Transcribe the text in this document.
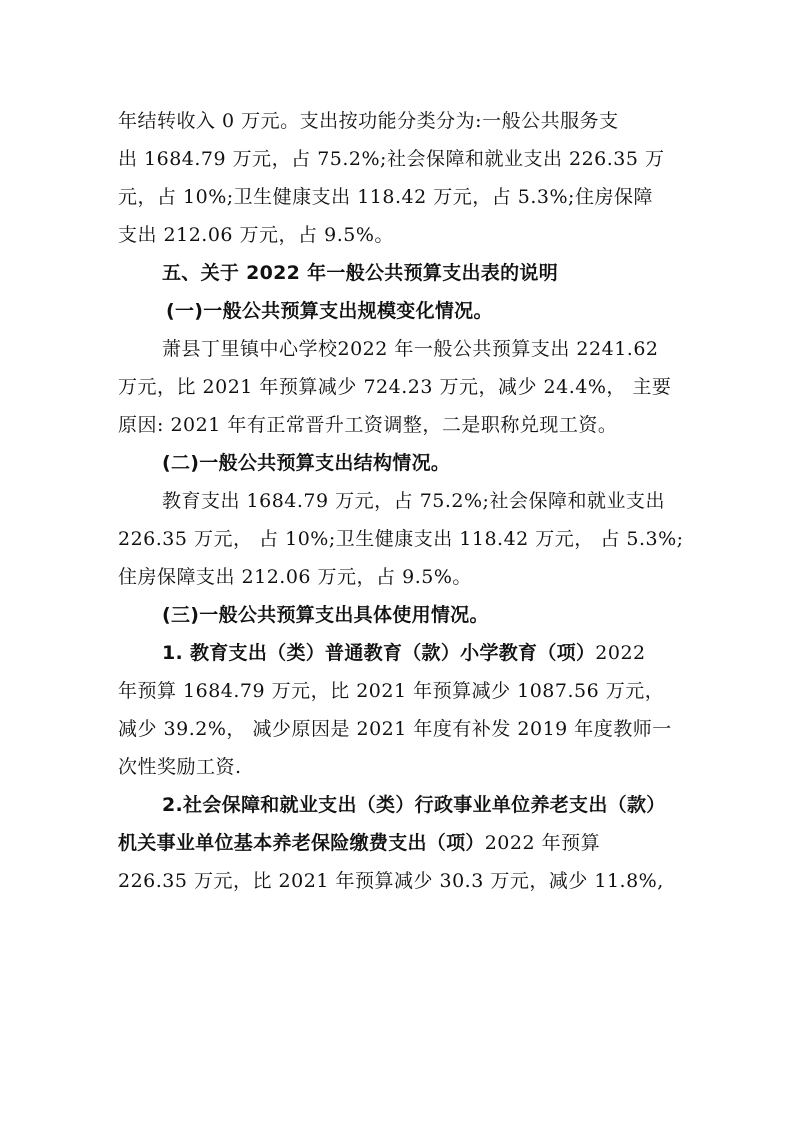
年结转收入 0 万元。支出按功能分类分为:一般公共服务支
出 1684.79 万元，占 75.2%;社会保障和就业支出 226.35 万
元，占 10%;卫生健康支出 118.42 万元，占 5.3%;住房保障
支出 212.06 万元，占 9.5%。
五、关于 2022 年一般公共预算支出表的说明
(一)一般公共预算支出规模变化情况。
萧县丁里镇中心学校2022 年一般公共预算支出 2241.62
万元，比 2021 年预算减少 724.23 万元，减少 24.4%， 主要
原因: 2021 年有正常晋升工资调整，二是职称兑现工资。
(二)一般公共预算支出结构情况。
教育支出 1684.79 万元，占 75.2%;社会保障和就业支出
226.35 万元， 占 10%;卫生健康支出 118.42 万元， 占 5.3%;
住房保障支出 212.06 万元，占 9.5%。
(三)一般公共预算支出具体使用情况。
1. 教育支出（类）普通教育（款）小学教育（项）2022
年预算 1684.79 万元，比 2021 年预算减少 1087.56 万元，
减少 39.2%， 减少原因是 2021 年度有补发 2019 年度教师一
次性奖励工资.
2.社会保障和就业支出（类）行政事业单位养老支出（款）
机关事业单位基本养老保险缴费支出（项）2022 年预算
226.35 万元，比 2021 年预算减少 30.3 万元，减少 11.8%,
